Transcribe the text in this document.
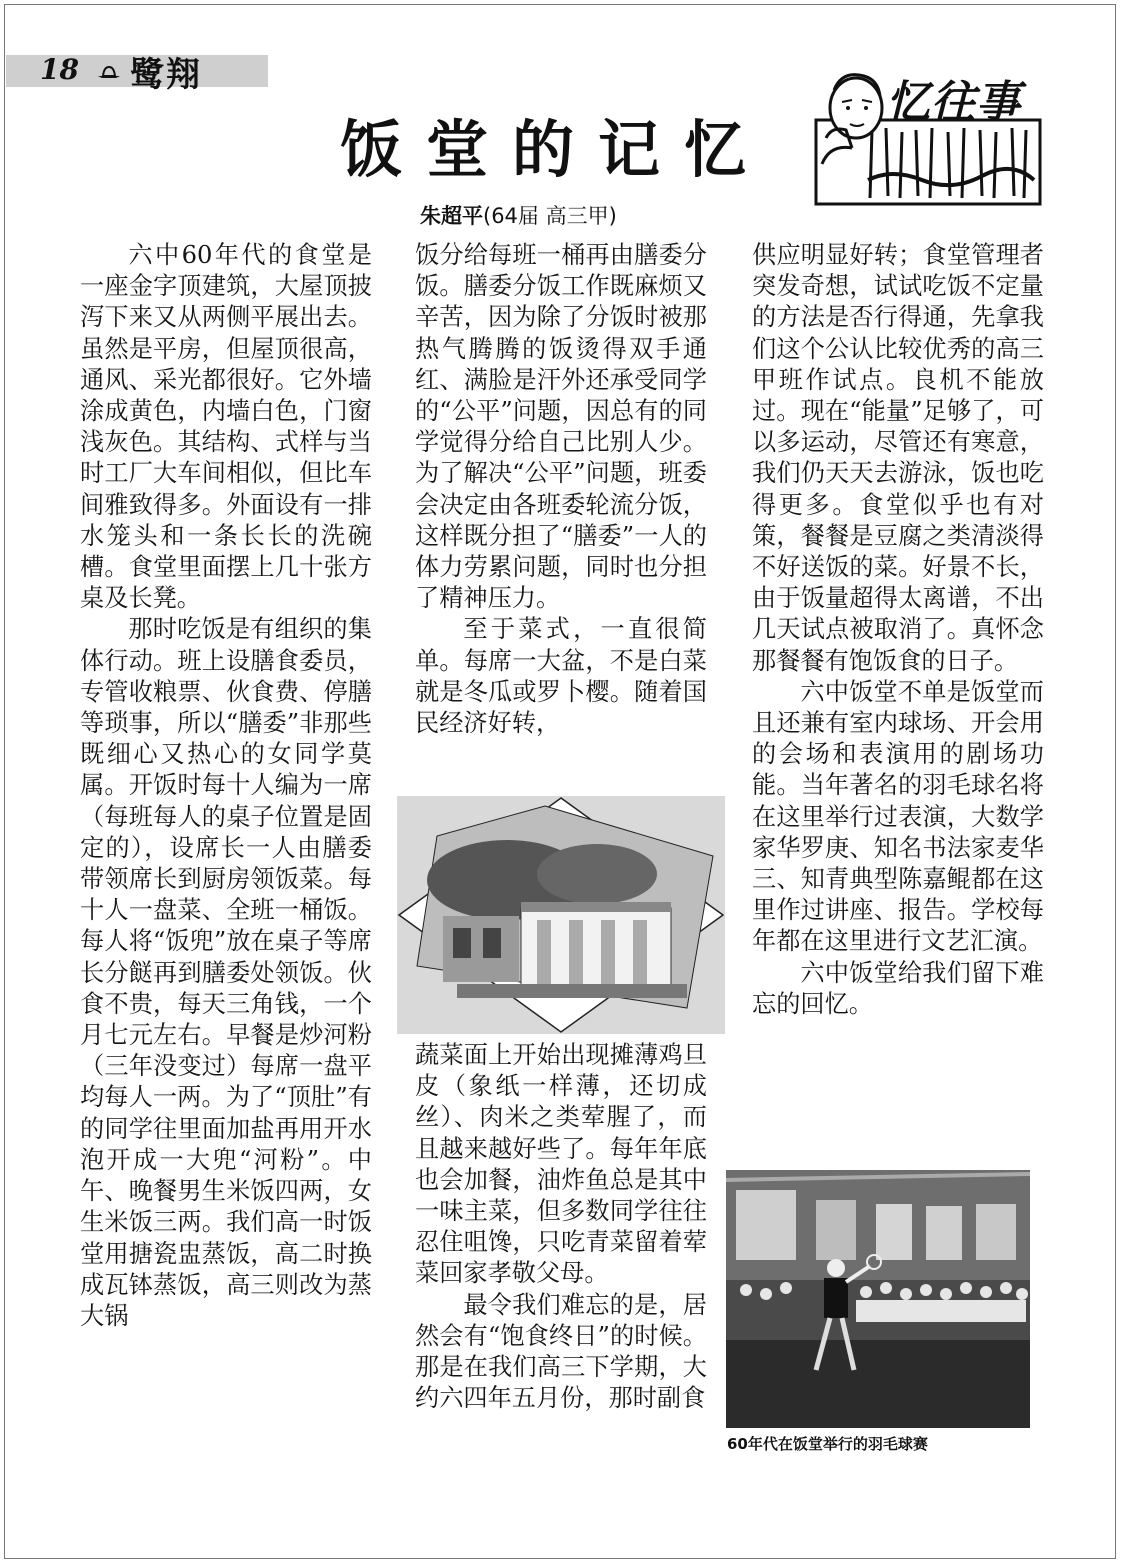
18 鹭翔
饭堂的记忆
朱超平(64届 高三甲)
忆往事

六中60年代的食堂是一座金字顶建筑，大屋顶披泻下来又从两侧平展出去。虽然是平房，但屋顶很高，通风、采光都很好。它外墙涂成黄色，内墙白色，门窗浅灰色。其结构、式样与当时工厂大车间相似，但比车间雅致得多。外面设有一排水笼头和一条长长的洗碗槽。食堂里面摆上几十张方桌及长凳。

那时吃饭是有组织的集体行动。班上设膳食委员，专管收粮票、伙食费、停膳等琐事，所以“膳委”非那些既细心又热心的女同学莫属。开饭时每十人编为一席（每班每人的桌子位置是固定的），设席长一人由膳委带领席长到厨房领饭菜。每十人一盘菜、全班一桶饭。每人将“饭兜”放在桌子等席长分餸再到膳委处领饭。伙食不贵，每天三角钱，一个月七元左右。早餐是炒河粉（三年没变过）每席一盘平均每人一两。为了“顶肚”有的同学往里面加盐再用开水泡开成一大兜“河粉”。中午、晚餐男生米饭四两，女生米饭三两。我们高一时饭堂用搪瓷盅蒸饭，高二时换成瓦钵蒸饭，高三则改为蒸大锅

饭分给每班一桶再由膳委分饭。膳委分饭工作既麻烦又辛苦，因为除了分饭时被那热气腾腾的饭烫得双手通红、满脸是汗外还承受同学的“公平”问题，因总有的同学觉得分给自己比别人少。为了解决“公平”问题，班委会决定由各班委轮流分饭，这样既分担了“膳委”一人的体力劳累问题，同时也分担了精神压力。

至于菜式，一直很简单。每席一大盆，不是白菜就是冬瓜或罗卜樱。随着国民经济好转，

蔬菜面上开始出现摊薄鸡旦皮（象纸一样薄，还切成丝）、肉米之类荤腥了，而且越来越好些了。每年年底也会加餐，油炸鱼总是其中一味主菜，但多数同学往往忍住咀馋，只吃青菜留着荤菜回家孝敬父母。

最令我们难忘的是，居然会有“饱食终日”的时候。那是在我们高三下学期，大约六四年五月份，那时副食

供应明显好转；食堂管理者突发奇想，试试吃饭不定量的方法是否行得通，先拿我们这个公认比较优秀的高三甲班作试点。良机不能放过。现在“能量”足够了，可以多运动，尽管还有寒意，我们仍天天去游泳，饭也吃得更多。食堂似乎也有对策，餐餐是豆腐之类清淡得不好送饭的菜。好景不长，由于饭量超得太离谱，不出几天试点被取消了。真怀念那餐餐有饱饭食的日子。

六中饭堂不单是饭堂而且还兼有室内球场、开会用的会场和表演用的剧场功能。当年著名的羽毛球名将在这里举行过表演，大数学家华罗庚、知名书法家麦华三、知青典型陈嘉鲲都在这里作过讲座、报告。学校每年都在这里进行文艺汇演。

六中饭堂给我们留下难忘的回忆。

60年代在饭堂举行的羽毛球赛
